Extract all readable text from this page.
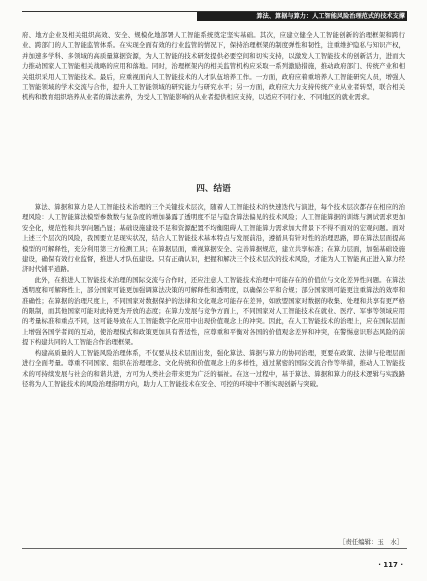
算法、算据与算力：人工智能风险治理范式的技术支撑

府、地方企业及相关组织高效、安全、规模化地部署人工智能系统奠定坚实基础。其次，应建立健全人工智能创新的治理框架和跨行业、跨部门的人工智能监管体系。在实现全面有效的行业监管的情况下，保持治理框架的制度弹性和韧性，注重维护隐私与知识产权，并加速多学科、多领域的高质量算据资源，为人工智能的技术研发提供必要空间和切实支持，以激发人工智能技术的创新活力，进而大力推动国家人工智能相关战略的应用和落地。同时，治理框架内的相关监管机构应采取一系列激励措施，推动政府部门、传统产业和相关组织采用人工智能技术。最后，应重视面向人工智能技术的人才队伍培养工作。一方面，政府应着重培养人工智能研究人员，增强人工智能领域的学术交流与合作，提升人工智能领域的研究能力与研究水平；另一方面，政府应大力支持传统产业从业者转型，联合相关机构和教育组织培养从业者的算法素养，为受人工智能影响的从业者提供相应支持，以适应不同行业、不同地区的就业需求。

四、结语

算法、算据和算力是人工智能技术治理的三个关键技术层次，随着人工智能技术的快速迭代与演进，每个技术层次都存在相应的治理风险：人工智能算法模型参数数与复杂度的增加暴露了透明度不足与隐含算法偏见的技术风险；人工智能算据的训练与测试需求更加安全化，规范性和共享问题凸显；基础设施建设不足和资源配置不均衡阻碍人工智能算力需求加大背景下不得不面对的宏观问题。面对上述三个层次的风险，我国要立足现实状况，结合人工智能技术基本特点与发展前沿，遵循具有针对性的治理思路，即在算法层面提高模型的可解释性，充分利用第三方检测工具；在算据层面，重视算据安全、完善算据规范，建立共享标准；在算力层面，加强基础设施建设，确保有效行业监督，推进人才队伍建设。只有正确认识，把握和解决三个技术层次的技术风险，才能为人工智能真正进入算力经济时代铺平道路。

此外，在推进人工智能技术治理的国际交流与合作时，还应注意人工智能技术治理中可能存在的价值位与文化差异性问题。在算法透明度和可解释性上，部分国家可能更加强调算法决策的可解释性和透明度，以确保公平和合规；部分国家则可能更注重算法的效率和准确性；在算据的治理尺度上，不同国家对数据保护的法律和文化观念可能存在差异，如欧盟国家对数据的收集、处理和共享有更严格的限制，而其他国家可能对此持更为开放的态度；在算力发展与竞争方面上，不同国家对人工智能技术在就业、医疗、军事等领域应用的考量标准和重点不同，这可能导致在人工智能数字化应用中出现价值观念上的冲突。因此，在人工智能技术的治理上，应在国际层面上增强各国学者间的互动，使治理模式和政策更加具有普适性，应尊重和平衡对各国的价值观念差异和冲突，在警惕意识形态风险的前提下构建共同的人工智能合作治理框架。

构建高质量的人工智能风险治理体系，不仅要从技术层面出发，强化算法、算据与算力的协同治理，更要在政策、法律与伦理层面进行全面考量。尊重不同国家、组织在治理理念、文化传统和价值观念上的多样性，通过紧密的国际交流合作等举措，推动人工智能技术的可持续发展与社会的和谐共进，方可为人类社会带来更为广泛的福祉。在这一过程中，基于算法、算据和算力的技术逻辑与实践路径将为人工智能技术的风险治理指明方向，助力人工智能技术在安全、可控的环境中不断实现创新与突破。

［责任编辑：玉　水］
· 117 ·
